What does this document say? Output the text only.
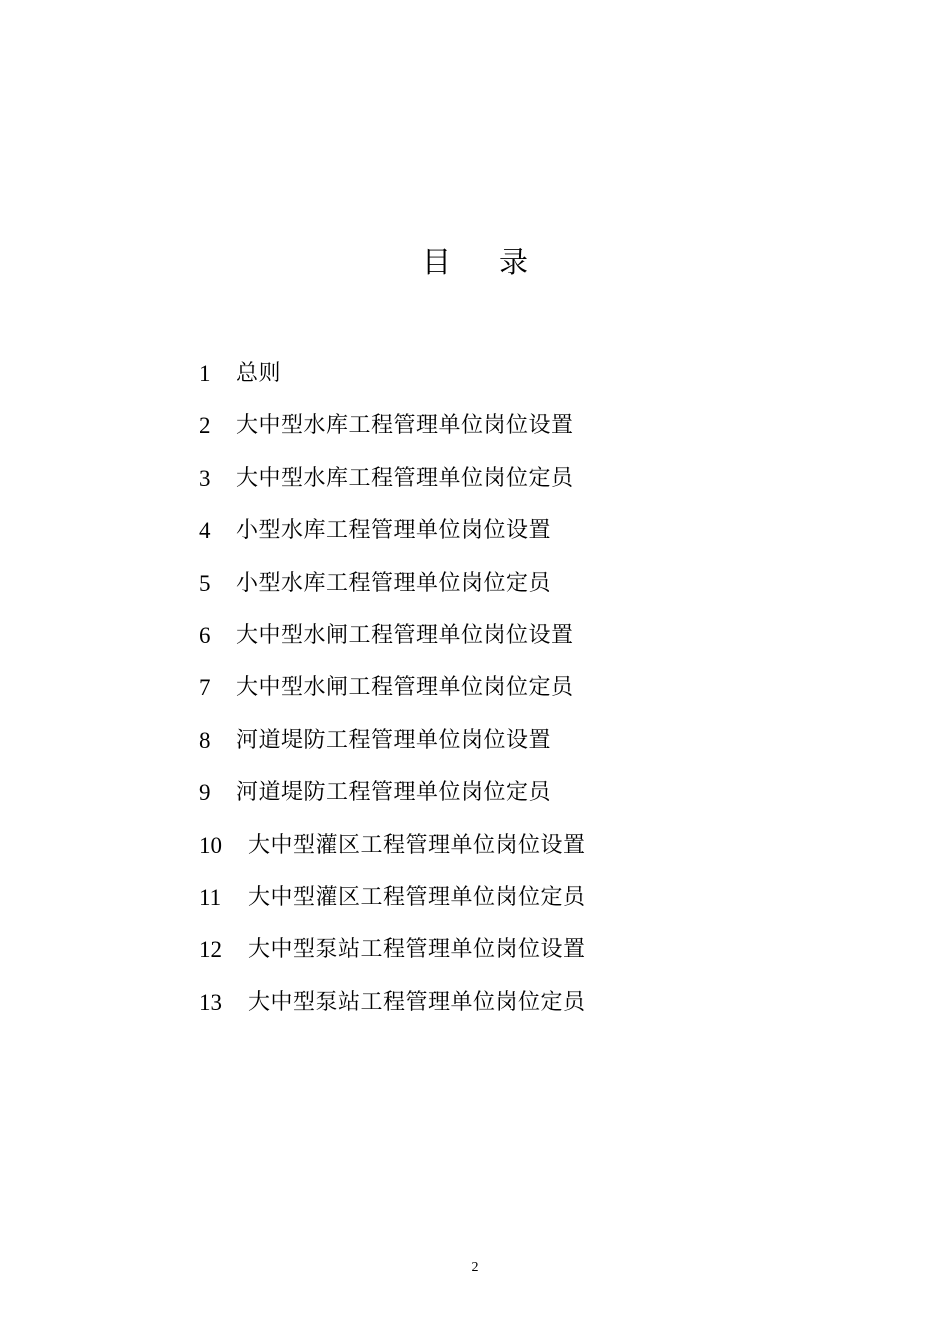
目 录
1	总则
2	大中型水库工程管理单位岗位设置
3	大中型水库工程管理单位岗位定员
4	小型水库工程管理单位岗位设置
5	小型水库工程管理单位岗位定员
6	大中型水闸工程管理单位岗位设置
7	大中型水闸工程管理单位岗位定员
8	河道堤防工程管理单位岗位设置
9	河道堤防工程管理单位岗位定员
10	大中型灌区工程管理单位岗位设置
11	大中型灌区工程管理单位岗位定员
12	大中型泵站工程管理单位岗位设置
13	大中型泵站工程管理单位岗位定员
2
